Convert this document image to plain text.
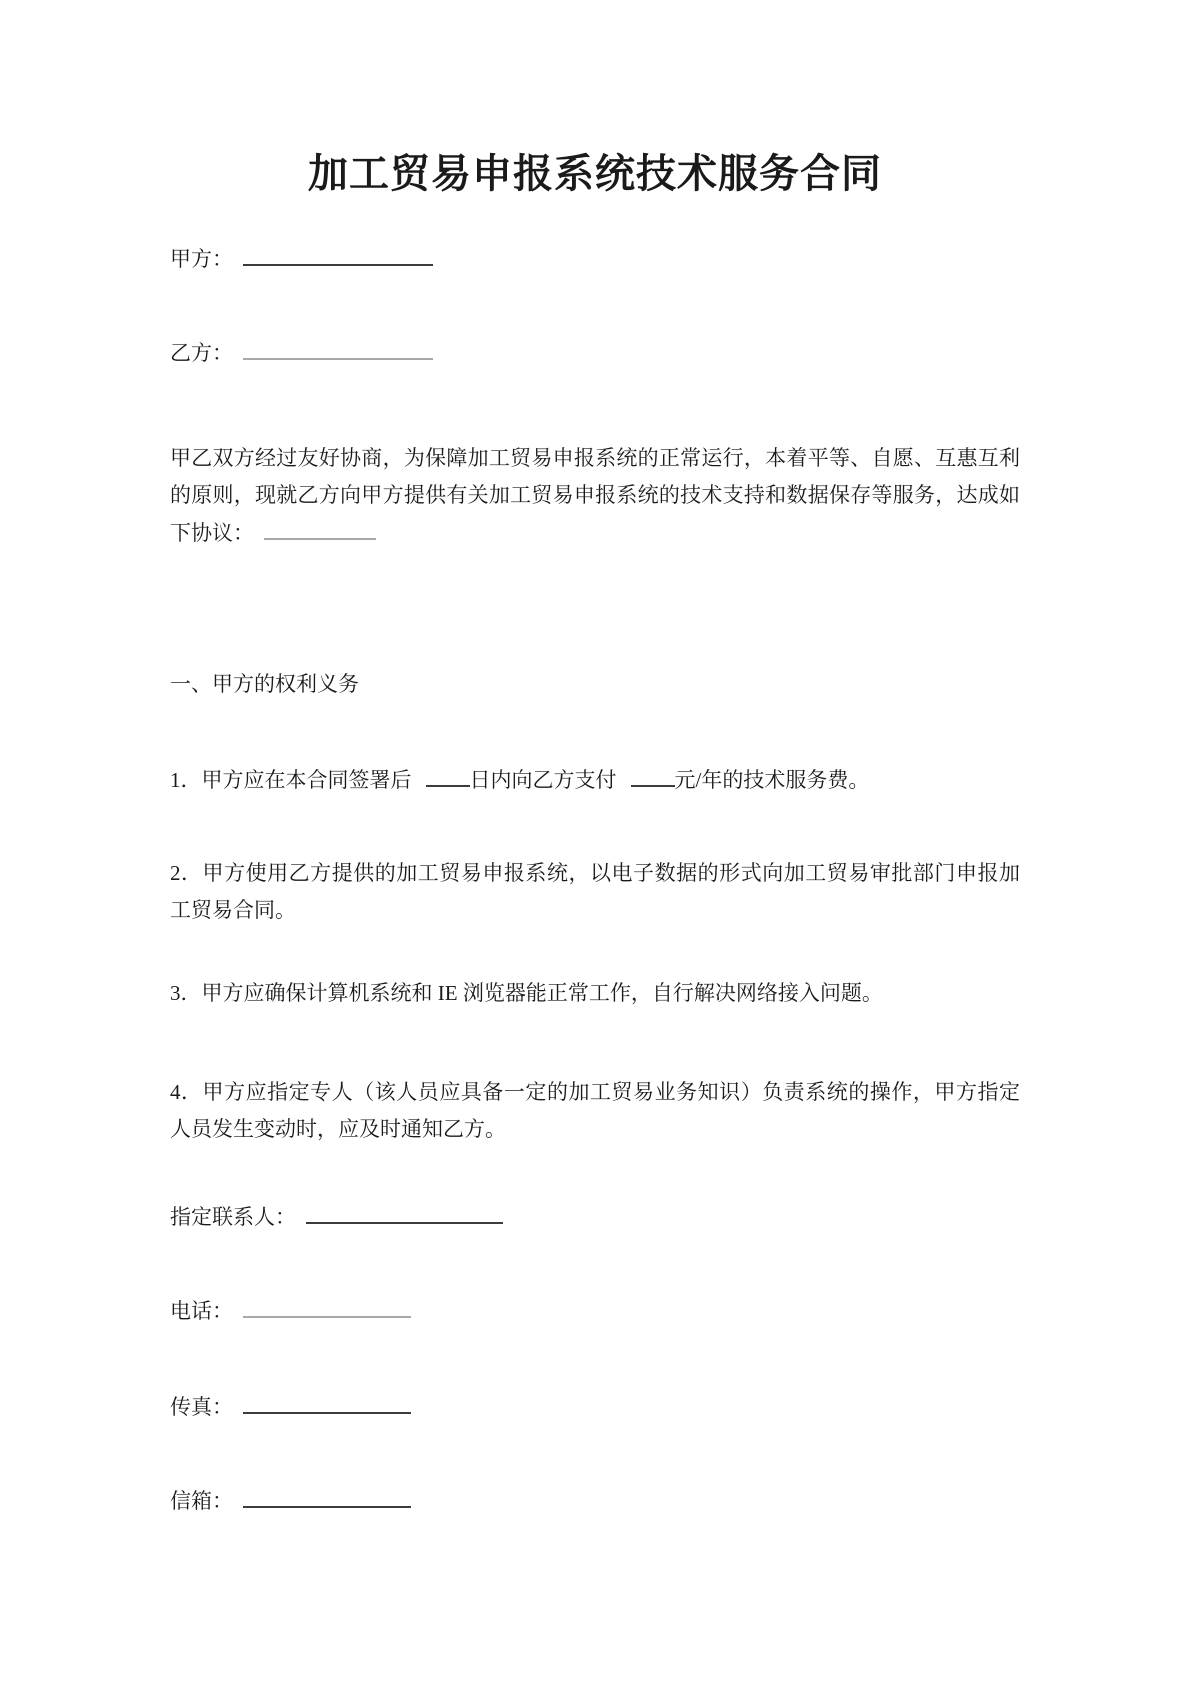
加工贸易申报系统技术服务合同

甲方：

乙方：

甲乙双方经过友好协商，为保障加工贸易申报系统的正常运行，本着平等、自愿、互惠互利的原则，现就乙方向甲方提供有关加工贸易申报系统的技术支持和数据保存等服务，达成如下协议：

一、甲方的权利义务

1．甲方应在本合同签署后	日内向乙方支付	元/年的技术服务费。

2．甲方使用乙方提供的加工贸易申报系统，以电子数据的形式向加工贸易审批部门申报加工贸易合同。

3．甲方应确保计算机系统和 IE 浏览器能正常工作，自行解决网络接入问题。

4．甲方应指定专人（该人员应具备一定的加工贸易业务知识）负责系统的操作，甲方指定人员发生变动时，应及时通知乙方。

指定联系人：

电话：

传真：

信箱：
